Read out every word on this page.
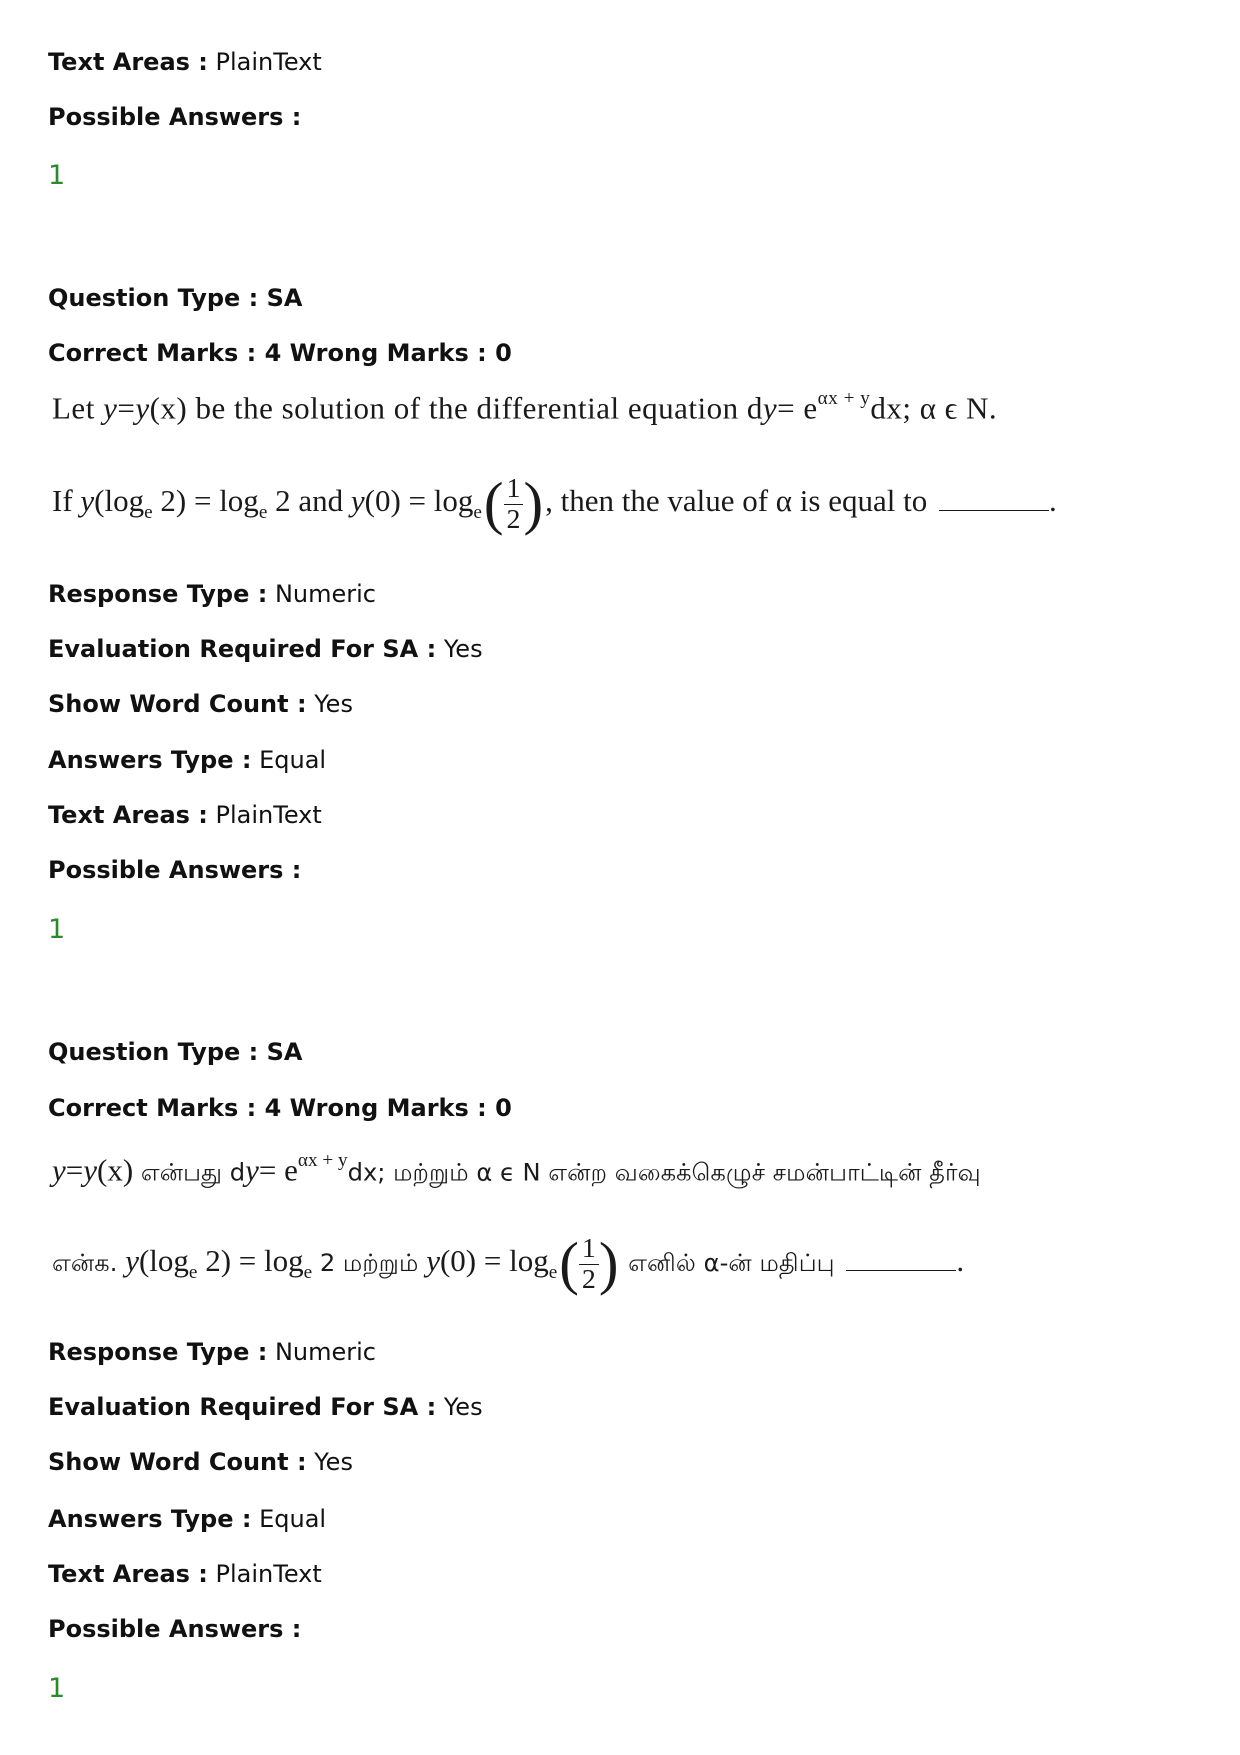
Text Areas : PlainText
Possible Answers :
1
Question Type : SA
Correct Marks : 4 Wrong Marks : 0
Let y=y(x) be the solution of the differential equation $dy= e^{\alpha x + y}dx$; α ϵ N.
If $y(\log_e$ $2) = \log_e 2$ and $y(0) = \log_e( \frac{1}{2}$ ), then the value of α is equal to	.
Response Type : Numeric
Evaluation Required For SA : Yes
Show Word Count : Yes
Answers Type : Equal
Text Areas : PlainText
Possible Answers :
1
Question Type : SA
Correct Marks : 4 Wrong Marks : 0
y=y(x) என்பது $dy= e^{\alpha x + y}dx$; மற்றும் α ϵ N என்ற வகைக்கெழுச் சமன்பாட்டின் தீர்வு
என்க. $y(\log_e$ $2) = \log_e 2$ மற்றும் $y(0) = \log_e( \frac{1}{2}$ ) எனில் α-ன் மதிப்பு	.
Response Type : Numeric
Evaluation Required For SA : Yes
Show Word Count : Yes
Answers Type : Equal
Text Areas : PlainText
Possible Answers :
1
